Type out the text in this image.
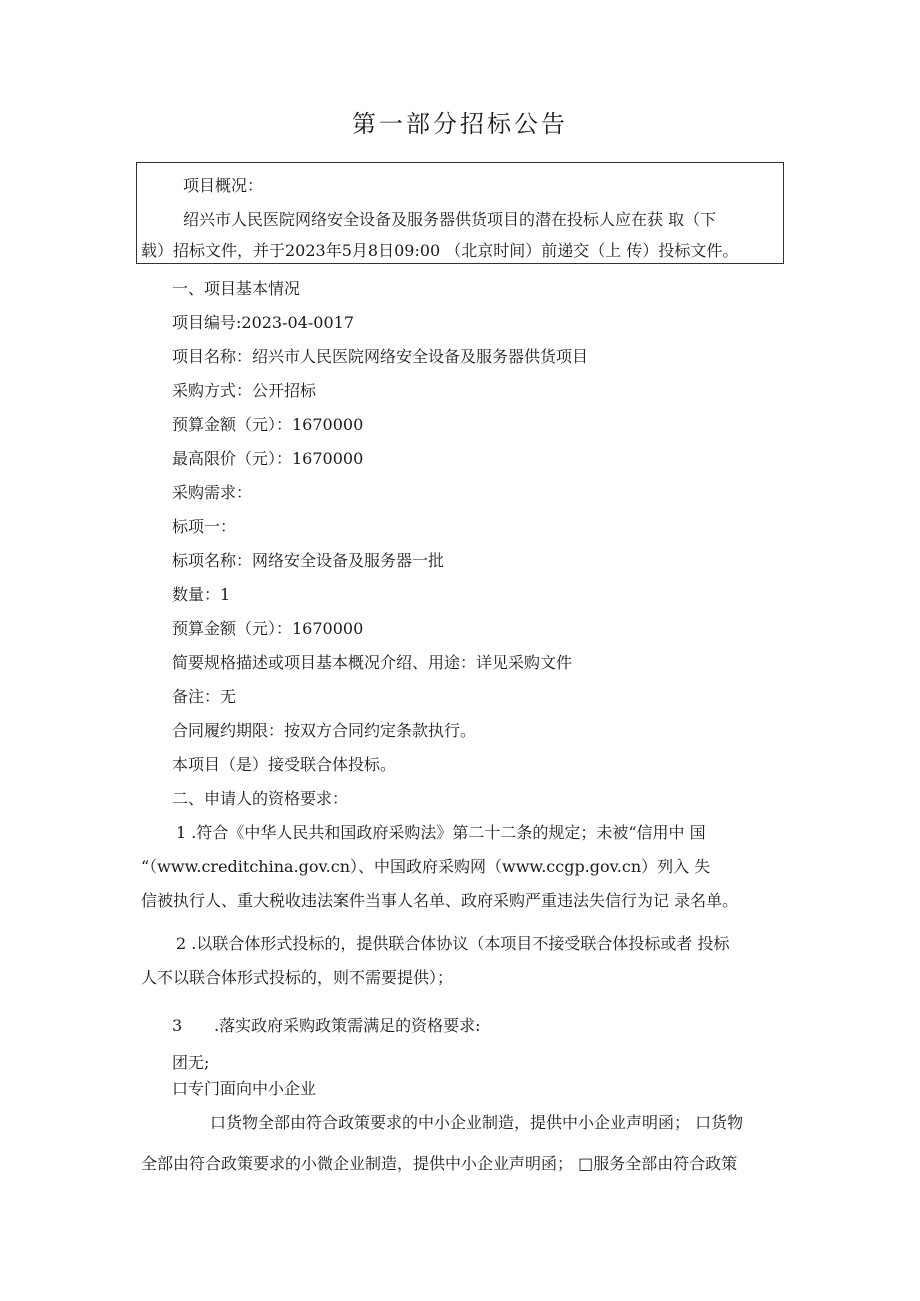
第一部分招标公告
项目概况：
绍兴市人民医院网络安全设备及服务器供货项目的潜在投标人应在获 取（下
载）招标文件，并于2023年5月8日09:00 （北京时间）前递交（上 传）投标文件。
一、项目基本情况
项目编号:2023-04-0017
项目名称：绍兴市人民医院网络安全设备及服务器供货项目
采购方式：公开招标
预算金额（元）：1670000
最高限价（元）：1670000
采购需求：
标项一：
标项名称：网络安全设备及服务器一批
数量：1
预算金额（元）：1670000
简要规格描述或项目基本概况介绍、用途：详见采购文件
备注：无
合同履约期限：按双方合同约定条款执行。
本项目（是）接受联合体投标。
二、申请人的资格要求：
1 .符合《中华人民共和国政府采购法》第二十二条的规定；未被“信用中 国
“（www.creditchina.gov.cn）、中国政府采购网（www.ccgp.gov.cn）列入 失
信被执行人、重大税收违法案件当事人名单、政府采购严重违法失信行为记 录名单。
2 .以联合体形式投标的，提供联合体协议（本项目不接受联合体投标或者 投标
人不以联合体形式投标的，则不需要提供）；
3 .落实政府采购政策需满足的资格要求:
团无;
口专门面向中小企业
口货物全部由符合政策要求的中小企业制造，提供中小企业声明函； 口货物
全部由符合政策要求的小微企业制造，提供中小企业声明函； □服务全部由符合政策
